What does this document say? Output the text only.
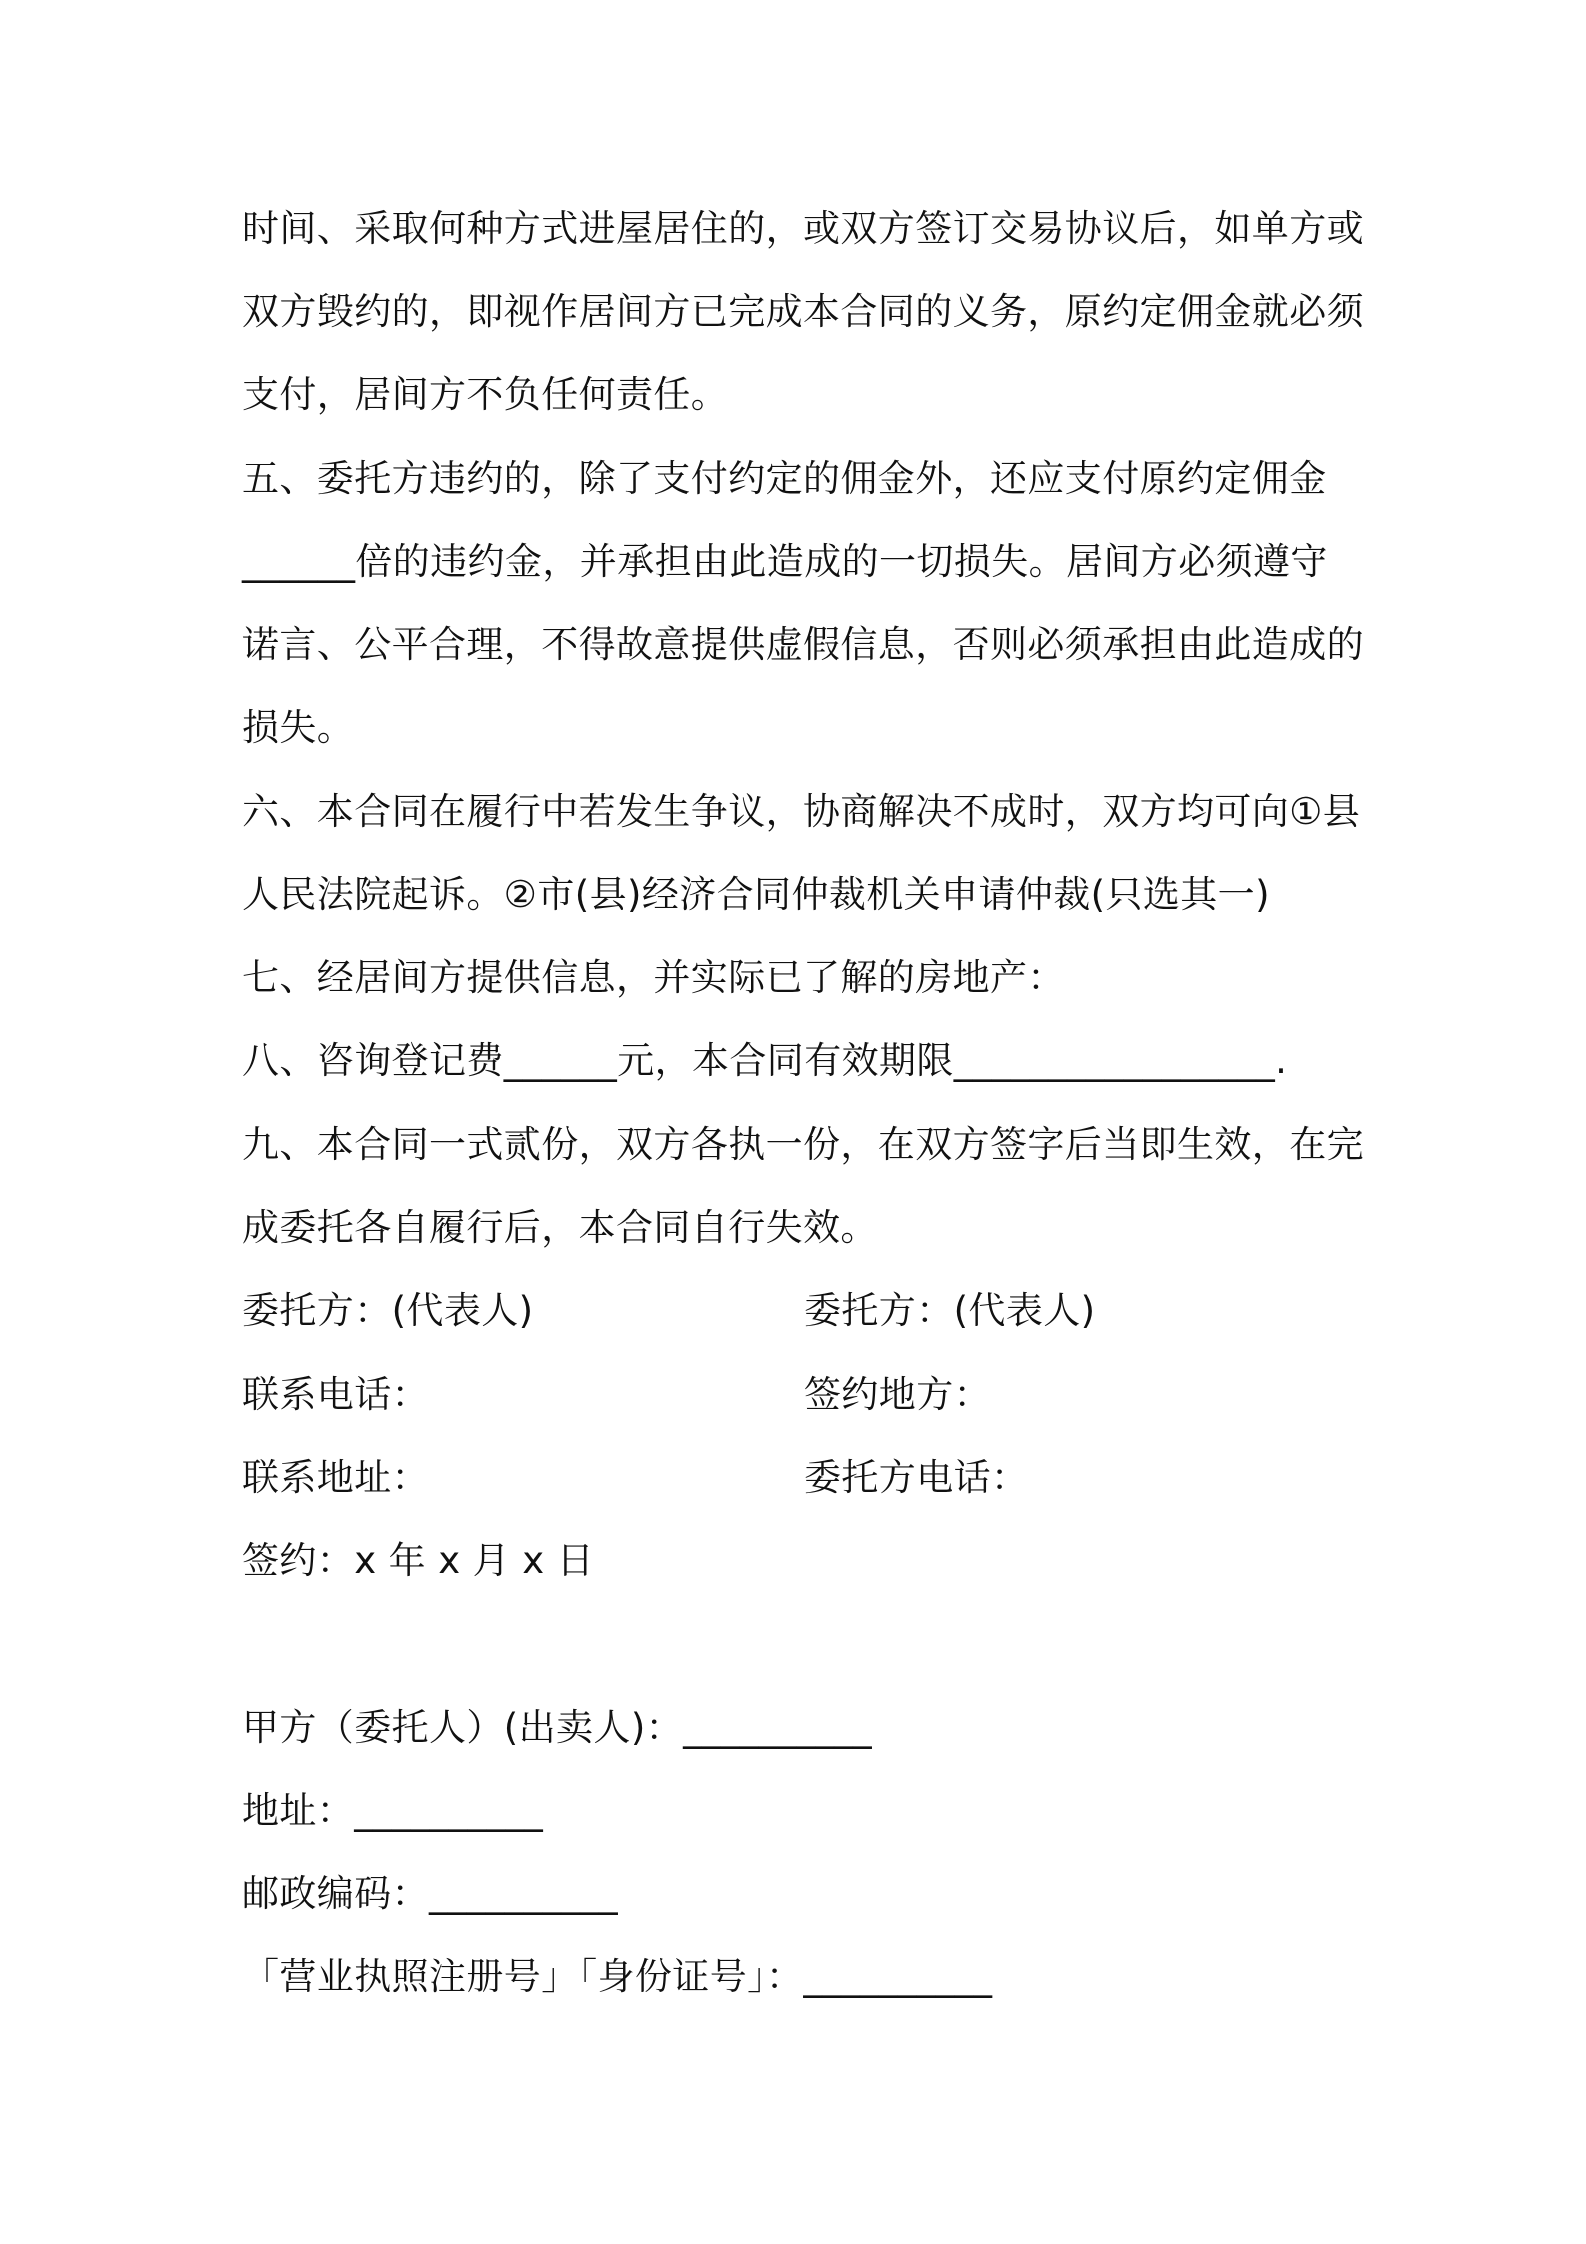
时间、采取何种方式进屋居住的，或双方签订交易协议后，如单方或

双方毁约的，即视作居间方已完成本合同的义务，原约定佣金就必须

支付，居间方不负任何责任。

五、委托方违约的，除了支付约定的佣金外，还应支付原约定佣金

______倍的违约金，并承担由此造成的一切损失。居间方必须遵守

诺言、公平合理，不得故意提供虚假信息，否则必须承担由此造成的

损失。

六、本合同在履行中若发生争议，协商解决不成时，双方均可向①县

人民法院起诉。②市(县)经济合同仲裁机关申请仲裁(只选其一)

七、经居间方提供信息，并实际已了解的房地产：

八、咨询登记费______元，本合同有效期限_________________.

九、本合同一式贰份，双方各执一份，在双方签字后当即生效，在完

成委托各自履行后，本合同自行失效。

委托方：(代表人)	委托方：(代表人)

联系电话：	签约地方：

联系地址：	委托方电话：

签约：x 年 x 月 x 日

甲方（委托人）(出卖人)：__________

地址：__________

邮政编码：__________

「营业执照注册号」「身份证号」：__________
